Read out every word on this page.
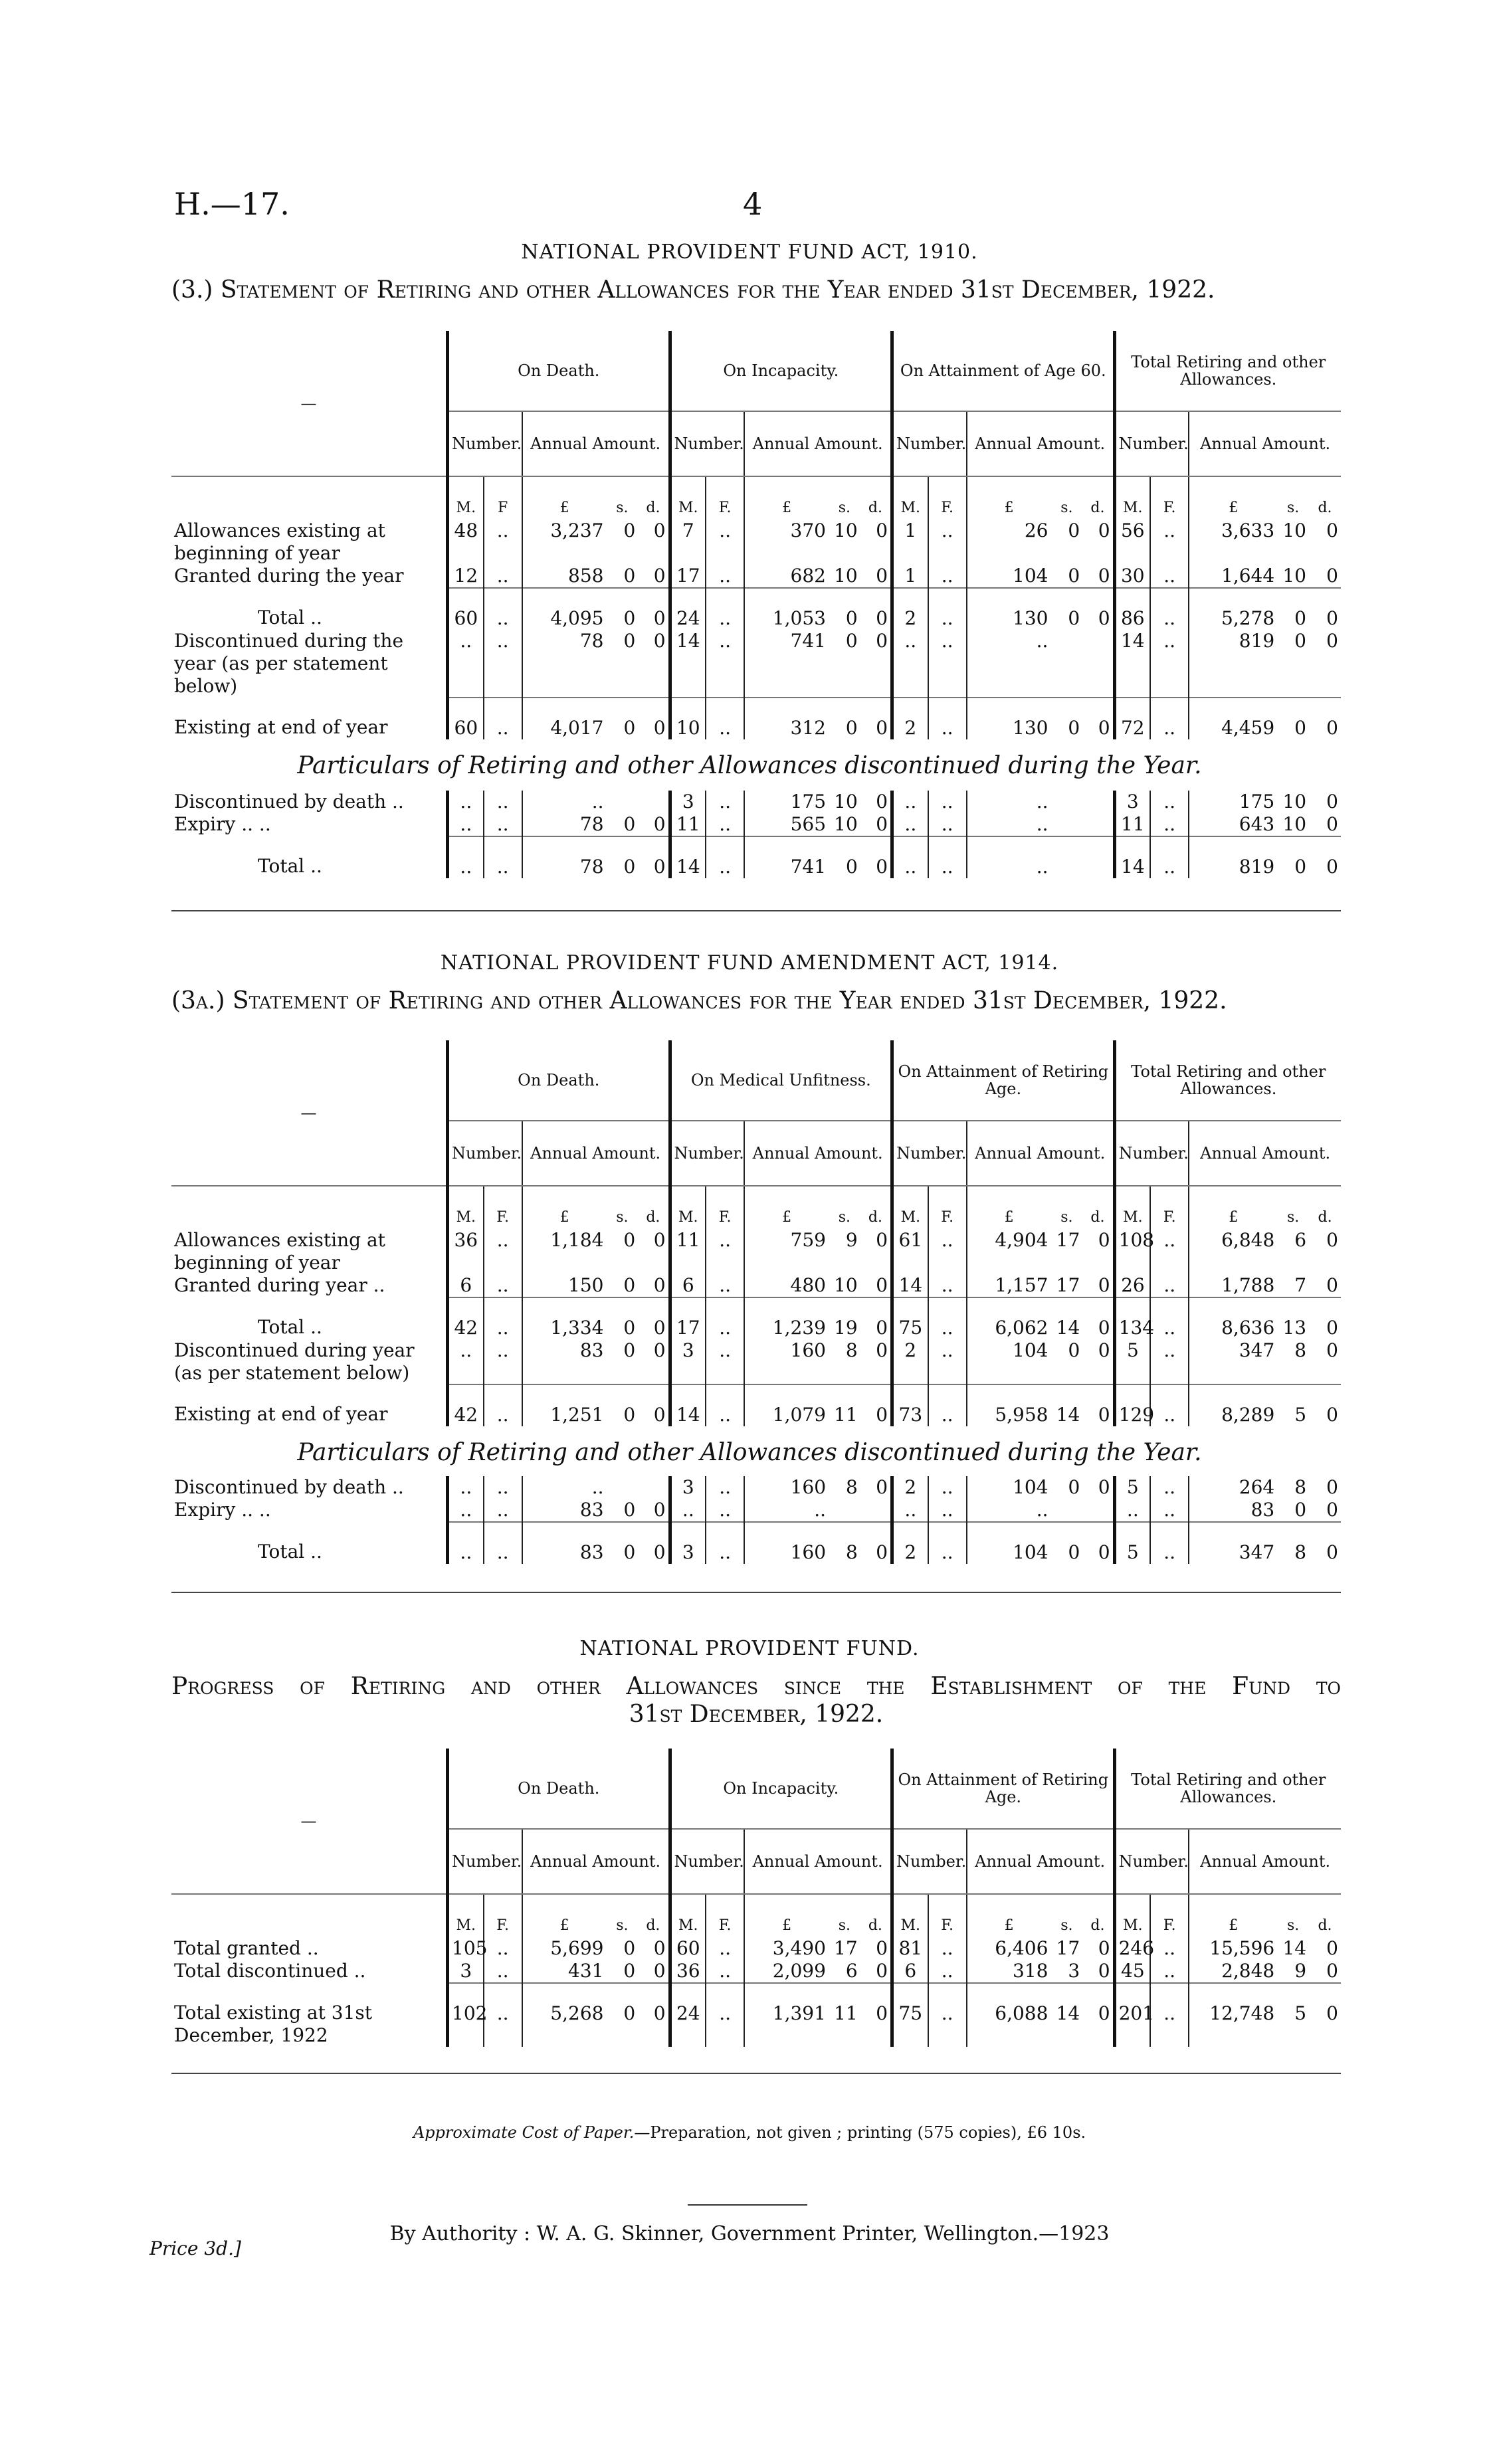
H.—17.	4
NATIONAL PROVIDENT FUND ACT, 1910.
(3.) Statement of Retiring and other Allowances for the Year ended 31st December, 1922.
—	On Death.					On Incapacity.					On Attainment of Age 60.					Total Retiring and other Allowances.				
	Number.		Annual Amount.			Number.		Annual Amount.			Number.		Annual Amount.			Number.		Annual Amount.		

	M.	F	£	s.	d.	M.	F.	£	s.	d.	M.	F.	£	s.	d.	M.	F.	£	s.	d.
Allowances existing at beginning of year	48	..	3,237	0	0	7	..	370	10	0	1	..	26	0	0	56	..	3,633	10	0
Granted during the year	12	..	858	0	0	17	..	682	10	0	1	..	104	0	0	30	..	1,644	10	0
Total ..	60	..	4,095	0	0	24	..	1,053	0	0	2	..	130	0	0	86	..	5,278	0	0
Discontinued during the year (as per statement below)	..	..	78	0	0	14	..	741	0	0	..	..	..			14	..	819	0	0
Existing at end of year	60	..	4,017	0	0	10	..	312	0	0	2	..	130	0	0	72	..	4,459	0	0
Particulars of Retiring and other Allowances discontinued during the Year.
Discontinued by death ..	..	..	..			3	..	175	10	0	..	..	..			3	..	175	10	0
Expiry .. ..	..	..	78	0	0	11	..	565	10	0	..	..	..			11	..	643	10	0
Total ..	..	..	78	0	0	14	..	741	0	0	..	..	..			14	..	819	0	0
NATIONAL PROVIDENT FUND AMENDMENT ACT, 1914.
(3a.) Statement of Retiring and other Allowances for the Year ended 31st December, 1922.
—	On Death.					On Medical Unfitness.					On Attainment of Retiring Age.					Total Retiring and other Allowances.				
	Number.		Annual Amount.			Number.		Annual Amount.			Number.		Annual Amount.			Number.		Annual Amount.		

	M.	F.	£	s.	d.	M.	F.	£	s.	d.	M.	F.	£	s.	d.	M.	F.	£	s.	d.
Allowances existing at beginning of year	36	..	1,184	0	0	11	..	759	9	0	61	..	4,904	17	0	108	..	6,848	6	0
Granted during year ..	6	..	150	0	0	6	..	480	10	0	14	..	1,157	17	0	26	..	1,788	7	0
Total ..	42	..	1,334	0	0	17	..	1,239	19	0	75	..	6,062	14	0	134	..	8,636	13	0
Discontinued during year (as per statement below)	..	..	83	0	0	3	..	160	8	0	2	..	104	0	0	5	..	347	8	0
Existing at end of year	42	..	1,251	0	0	14	..	1,079	11	0	73	..	5,958	14	0	129	..	8,289	5	0
Particulars of Retiring and other Allowances discontinued during the Year.
Discontinued by death ..	..	..	..			3	..	160	8	0	2	..	104	0	0	5	..	264	8	0
Expiry .. ..	..	..	83	0	0	..	..	..			..	..	..			..	..	83	0	0
Total ..	..	..	83	0	0	3	..	160	8	0	2	..	104	0	0	5	..	347	8	0
NATIONAL PROVIDENT FUND.
Progress of Retiring and other Allowances since the Establishment of the Fund to
31st December, 1922.
—	On Death.					On Incapacity.					On Attainment of Retiring Age.					Total Retiring and other Allowances.				
	Number.		Annual Amount.			Number.		Annual Amount.			Number.		Annual Amount.			Number.		Annual Amount.		

	M.	F.	£	s.	d.	M.	F.	£	s.	d.	M.	F.	£	s.	d.	M.	F.	£	s.	d.
Total granted ..	105	..	5,699	0	0	60	..	3,490	17	0	81	..	6,406	17	0	246	..	15,596	14	0
Total discontinued ..	3	..	431	0	0	36	..	2,099	6	0	6	..	318	3	0	45	..	2,848	9	0
Total existing at 31st December, 1922	102	..	5,268	0	0	24	..	1,391	11	0	75	..	6,088	14	0	201	..	12,748	5	0
Approximate Cost of Paper.—Preparation, not given ; printing (575 copies), £6 10s.
By Authority : W. A. G. Skinner, Government Printer, Wellington.—1923
Price 3d.]
